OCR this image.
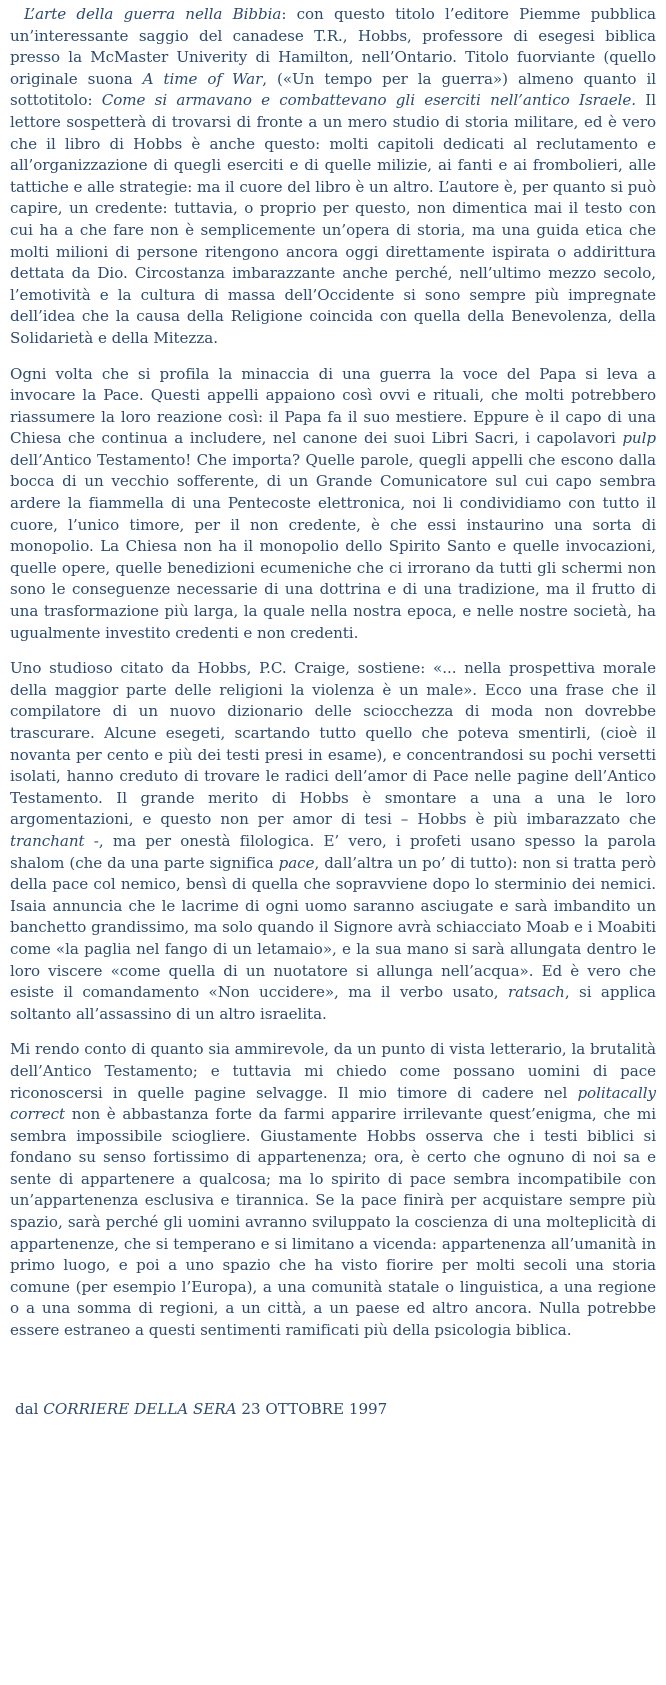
L’arte della guerra nella Bibbia: con questo titolo l’editore Piemme pubblica un’interessante saggio del canadese T.R., Hobbs, professore di esegesi biblica presso la McMaster Univerity di Hamilton, nell’Ontario. Titolo fuorviante (quello originale suona A time of War, («Un tempo per la guerra») almeno quanto il sottotitolo: Come si armavano e combattevano gli eserciti nell’antico Israele. Il lettore sospetterà di trovarsi di fronte a un mero studio di storia militare, ed è vero che il libro di Hobbs è anche questo: molti capitoli dedicati al reclutamento e all’organizzazione di quegli eserciti e di quelle milizie, ai fanti e ai frombolieri, alle tattiche e alle strategie: ma il cuore del libro è un altro. L’autore è, per quanto si può capire, un credente: tuttavia, o proprio per questo, non dimentica mai il testo con cui ha a che fare non è semplicemente un’opera di storia, ma una guida etica che molti milioni di persone ritengono ancora oggi direttamente ispirata o addirittura dettata da Dio. Circostanza imbarazzante anche perché, nell’ultimo mezzo secolo, l’emotività e la cultura di massa dell’Occidente si sono sempre più impregnate dell’idea che la causa della Religione coincida con quella della Benevolenza, della Solidarietà e della Mitezza.

Ogni volta che si profila la minaccia di una guerra la voce del Papa si leva a invocare la Pace. Questi appelli appaiono così ovvi e rituali, che molti potrebbero riassumere la loro reazione così: il Papa fa il suo mestiere. Eppure è il capo di una Chiesa che continua a includere, nel canone dei suoi Libri Sacri, i capolavori pulp dell’Antico Testamento! Che importa? Quelle parole, quegli appelli che escono dalla bocca di un vecchio sofferente, di un Grande Comunicatore sul cui capo sembra ardere la fiammella di una Pentecoste elettronica, noi li condividiamo con tutto il cuore, l’unico timore, per il non credente, è che essi instaurino una sorta di monopolio. La Chiesa non ha il monopolio dello Spirito Santo e quelle invocazioni, quelle opere, quelle benedizioni ecumeniche che ci irrorano da tutti gli schermi non sono le conseguenze necessarie di una dottrina e di una tradizione, ma il frutto di una trasformazione più larga, la quale nella nostra epoca, e nelle nostre società, ha ugualmente investito credenti e non credenti.

Uno studioso citato da Hobbs, P.C. Craige, sostiene: «... nella prospettiva morale della maggior parte delle religioni la violenza è un male». Ecco una frase che il compilatore di un nuovo dizionario delle sciocchezza di moda non dovrebbe trascurare. Alcune esegeti, scartando tutto quello che poteva smentirli, (cioè il novanta per cento e più dei testi presi in esame), e concentrandosi su pochi versetti isolati, hanno creduto di trovare le radici dell’amor di Pace nelle pagine dell’Antico Testamento. Il grande merito di Hobbs è smontare a una a una le loro argomentazioni, e questo non per amor di tesi – Hobbs è più imbarazzato che tranchant -, ma per onestà filologica. E’ vero, i profeti usano spesso la parola shalom (che da una parte significa pace, dall’altra un po’ di tutto): non si tratta però della pace col nemico, bensì di quella che sopravviene dopo lo sterminio dei nemici. Isaia annuncia che le lacrime di ogni uomo saranno asciugate e sarà imbandito un banchetto grandissimo, ma solo quando il Signore avrà schiacciato Moab e i Moabiti come «la paglia nel fango di un letamaio», e la sua mano si sarà allungata dentro le loro viscere «come quella di un nuotatore si allunga nell’acqua». Ed è vero che esiste il comandamento «Non uccidere», ma il verbo usato, ratsach, si applica soltanto all’assassino di un altro israelita.

Mi rendo conto di quanto sia ammirevole, da un punto di vista letterario, la brutalità dell’Antico Testamento; e tuttavia mi chiedo come possano uomini di pace riconoscersi in quelle pagine selvagge. Il mio timore di cadere nel politacally correct non è abbastanza forte da farmi apparire irrilevante quest’enigma, che mi sembra impossibile sciogliere. Giustamente Hobbs osserva che i testi biblici si fondano su senso fortissimo di appartenenza; ora, è certo che ognuno di noi sa e sente di appartenere a qualcosa; ma lo spirito di pace sembra incompatibile con un’appartenenza esclusiva e tirannica. Se la pace finirà per acquistare sempre più spazio, sarà perché gli uomini avranno sviluppato la coscienza di una molteplicità di appartenenze, che si temperano e si limitano a vicenda: appartenenza all’umanità in primo luogo, e poi a uno spazio che ha visto fiorire per molti secoli una storia comune (per esempio l’Europa), a una comunità statale o linguistica, a una regione o a una somma di regioni, a un città, a un paese ed altro ancora. Nulla potrebbe essere estraneo a questi sentimenti ramificati più della psicologia biblica.

dal CORRIERE DELLA SERA 23 OTTOBRE 1997
